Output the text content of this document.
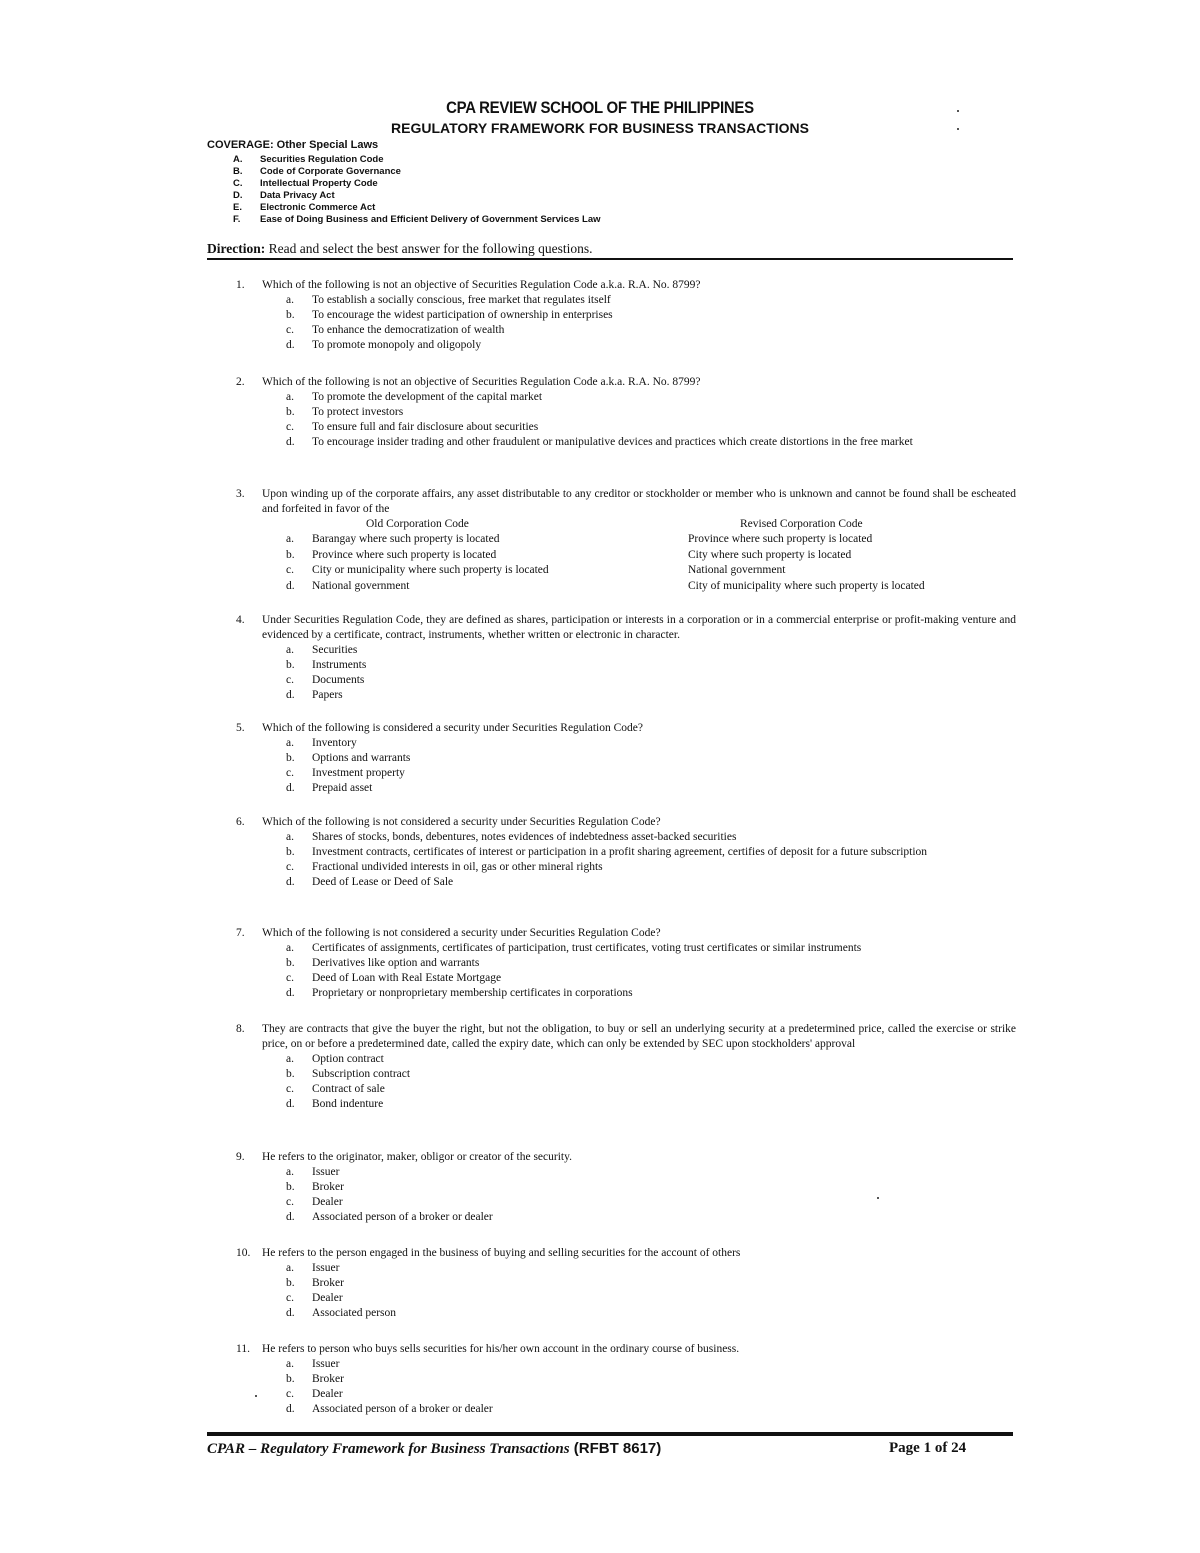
CPA REVIEW SCHOOL OF THE PHILIPPINES
REGULATORY FRAMEWORK FOR BUSINESS TRANSACTIONS
COVERAGE: Other Special Laws
A. Securities Regulation Code
B. Code of Corporate Governance
C. Intellectual Property Code
D. Data Privacy Act
E. Electronic Commerce Act
F. Ease of Doing Business and Efficient Delivery of Government Services Law
Direction: Read and select the best answer for the following questions.
1.	Which of the following is not an objective of Securities Regulation Code a.k.a. R.A. No. 8799?
a. To establish a socially conscious, free market that regulates itself
b. To encourage the widest participation of ownership in enterprises
c. To enhance the democratization of wealth
d. To promote monopoly and oligopoly
2.	Which of the following is not an objective of Securities Regulation Code a.k.a. R.A. No. 8799?
a. To promote the development of the capital market
b. To protect investors
c. To ensure full and fair disclosure about securities
d. To encourage insider trading and other fraudulent or manipulative devices and practices which create distortions in the free market
3.	Upon winding up of the corporate affairs, any asset distributable to any creditor or stockholder or member who is unknown and cannot be found shall be escheated and forfeited in favor of the
Old Corporation Code	Revised Corporation Code
a. Barangay where such property is located	Province where such property is located
b. Province where such property is located	City where such property is located
c. City or municipality where such property is located	National government
d. National government	City of municipality where such property is located
4.	Under Securities Regulation Code, they are defined as shares, participation or interests in a corporation or in a commercial enterprise or profit-making venture and evidenced by a certificate, contract, instruments, whether written or electronic in character.
a. Securities
b. Instruments
c. Documents
d. Papers
5.	Which of the following is considered a security under Securities Regulation Code?
a. Inventory
b. Options and warrants
c. Investment property
d. Prepaid asset
6.	Which of the following is not considered a security under Securities Regulation Code?
a. Shares of stocks, bonds, debentures, notes evidences of indebtedness asset-backed securities
b. Investment contracts, certificates of interest or participation in a profit sharing agreement, certifies of deposit for a future subscription
c. Fractional undivided interests in oil, gas or other mineral rights
d. Deed of Lease or Deed of Sale
7.	Which of the following is not considered a security under Securities Regulation Code?
a. Certificates of assignments, certificates of participation, trust certificates, voting trust certificates or similar instruments
b. Derivatives like option and warrants
c. Deed of Loan with Real Estate Mortgage
d. Proprietary or nonproprietary membership certificates in corporations
8.	They are contracts that give the buyer the right, but not the obligation, to buy or sell an underlying security at a predetermined price, called the exercise or strike price, on or before a predetermined date, called the expiry date, which can only be extended by SEC upon stockholders' approval
a. Option contract
b. Subscription contract
c. Contract of sale
d. Bond indenture
9.	He refers to the originator, maker, obligor or creator of the security.
a. Issuer
b. Broker
c. Dealer
d. Associated person of a broker or dealer
10.	He refers to the person engaged in the business of buying and selling securities for the account of others
a. Issuer
b. Broker
c. Dealer
d. Associated person
11.	He refers to person who buys sells securities for his/her own account in the ordinary course of business.
a. Issuer
b. Broker
c. Dealer
d. Associated person of a broker or dealer
CPAR – Regulatory Framework for Business Transactions (RFBT 8617)	Page 1 of 24
